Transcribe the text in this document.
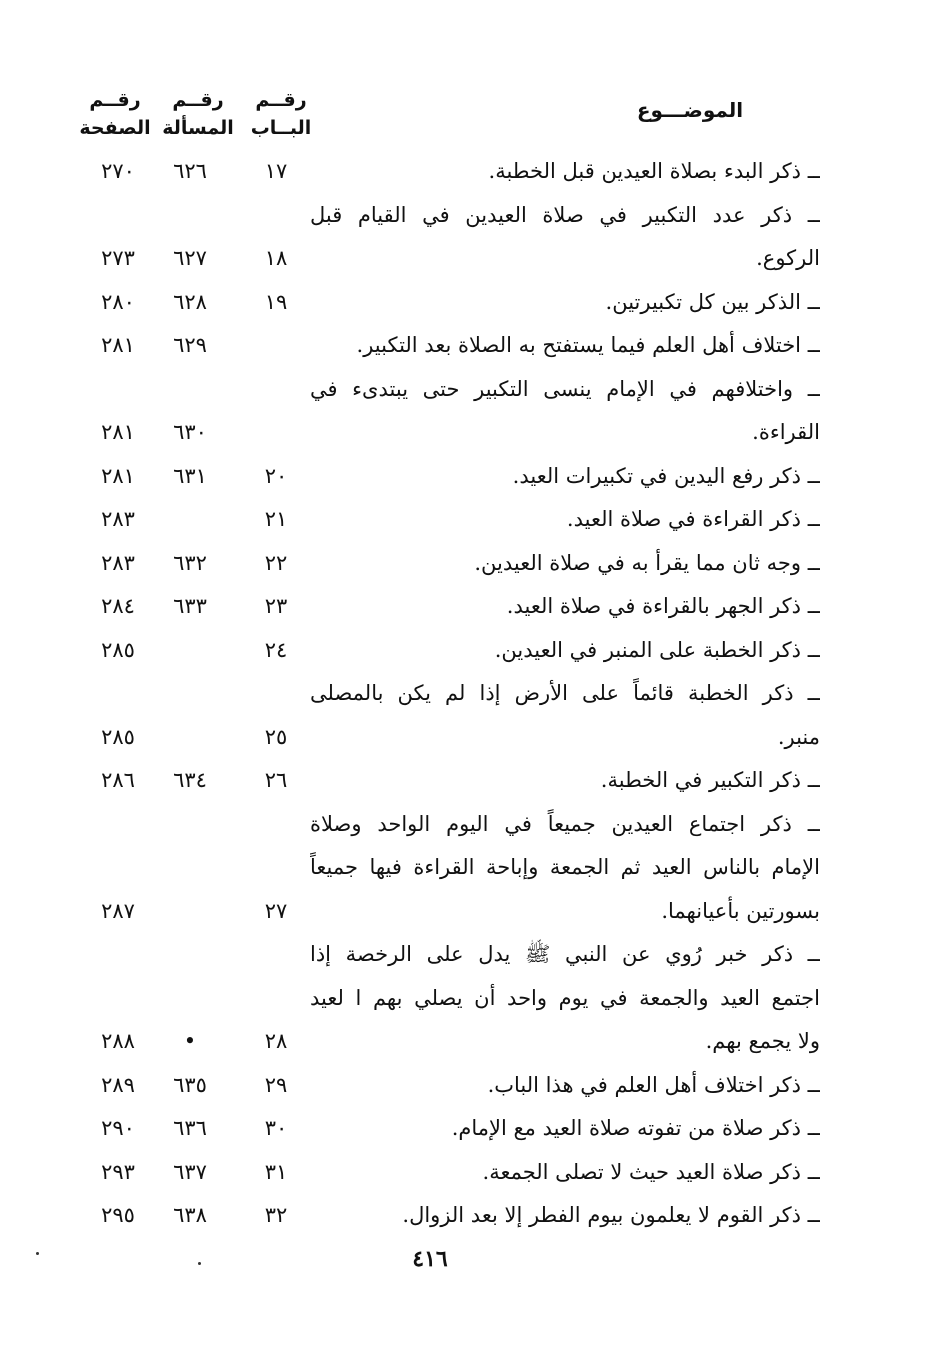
الموضـــوع
رقــم
البــاب
رقــم
المسألة
رقــم
الصفحة
ــ ذكر البدء بصلاة العيدين قبل الخطبة.
١٧
٦٢٦
٢٧٠
ــ ذكر عدد التكبير في صلاة العيدين في القيام قبل
الركوع.
١٨
٦٢٧
٢٧٣
ــ الذكر بين كل تكبيرتين.
١٩
٦٢٨
٢٨٠
ــ اختلاف أهل العلم فيما يستفتح به الصلاة بعد التكبير.
٦٢٩
٢٨١
ــ واختلافهم في الإمام ينسى التكبير حتى يبتدىء في
القراءة.
٦٣٠
٢٨١
ــ ذكر رفع اليدين في تكبيرات العيد.
٢٠
٦٣١
٢٨١
ــ ذكر القراءة في صلاة العيد.
٢١
٢٨٣
ــ وجه ثان مما يقرأ به في صلاة العيدين.
٢٢
٦٣٢
٢٨٣
ــ ذكر الجهر بالقراءة في صلاة العيد.
٢٣
٦٣٣
٢٨٤
ــ ذكر الخطبة على المنبر في العيدين.
٢٤
٢٨٥
ــ ذكر الخطبة قائماً على الأرض إذا لم يكن بالمصلى
منبر.
٢٥
٢٨٥
ــ ذكر التكبير في الخطبة.
٢٦
٦٣٤
٢٨٦
ــ ذكر اجتماع العيدين جميعاً في اليوم الواحد وصلاة
الإمام بالناس العيد ثم الجمعة وإباحة القراءة فيها جميعاً
بسورتين بأعيانهما.
٢٧
٢٨٧
ــ ذكر خبر رُوي عن النبي ﷺ يدل على الرخصة إذا
اجتمع العيد والجمعة في يوم واحد أن يصلي بهم ا لعيد
ولا يجمع بهم.
٢٨
•
٢٨٨
ــ ذكر اختلاف أهل العلم في هذا الباب.
٢٩
٦٣٥
٢٨٩
ــ ذكر صلاة من تفوته صلاة العيد مع الإمام.
٣٠
٦٣٦
٢٩٠
ــ ذكر صلاة العيد حيث لا تصلى الجمعة.
٣١
٦٣٧
٢٩٣
ــ ذكر القوم لا يعلمون بيوم الفطر إلا بعد الزوال.
٣٢
٦٣٨
٢٩٥
٤١٦
